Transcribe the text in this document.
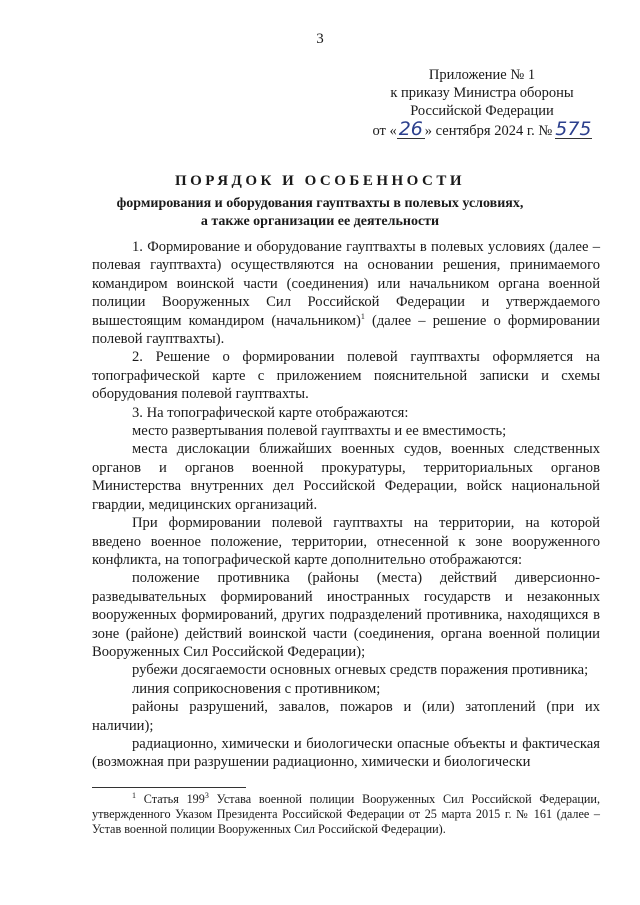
3
Приложение № 1
к приказу Министра обороны
Российской Федерации
от « 26 » сентября 2024 г. № 575
ПОРЯДОК И ОСОБЕННОСТИ
формирования и оборудования гауптвахты в полевых условиях,
а также организации ее деятельности

1. Формирование и оборудование гауптвахты в полевых условиях (далее – полевая гауптвахта) осуществляются на основании решения, принимаемого командиром воинской части (соединения) или начальником органа военной полиции Вооруженных Сил Российской Федерации и утверждаемого вышестоящим командиром (начальником)$^1$ (далее – решение о формировании полевой гауптвахты).

2. Решение о формировании полевой гауптвахты оформляется на топографической карте с приложением пояснительной записки и схемы оборудования полевой гауптвахты.

3. На топографической карте отображаются:

место развертывания полевой гауптвахты и ее вместимость;

места дислокации ближайших военных судов, военных следственных органов и органов военной прокуратуры, территориальных органов Министерства внутренних дел Российской Федерации, войск национальной гвардии, медицинских организаций.

При формировании полевой гауптвахты на территории, на которой введено военное положение, территории, отнесенной к зоне вооруженного конфликта, на топографической карте дополнительно отображаются:

положение противника (районы (места) действий диверсионно-разведывательных формирований иностранных государств и незаконных вооруженных формирований, других подразделений противника, находящихся в зоне (районе) действий воинской части (соединения, органа военной полиции Вооруженных Сил Российской Федерации);

рубежи досягаемости основных огневых средств поражения противника;

линия соприкосновения с противником;

районы разрушений, завалов, пожаров и (или) затоплений (при их наличии);

радиационно, химически и биологически опасные объекты и фактическая (возможная при разрушении радиационно, химически и биологически

$^1$ Статья $199^3$ Устава военной полиции Вооруженных Сил Российской Федерации, утвержденного Указом Президента Российской Федерации от 25 марта 2015 г. № 161 (далее – Устав военной полиции Вооруженных Сил Российской Федерации).
